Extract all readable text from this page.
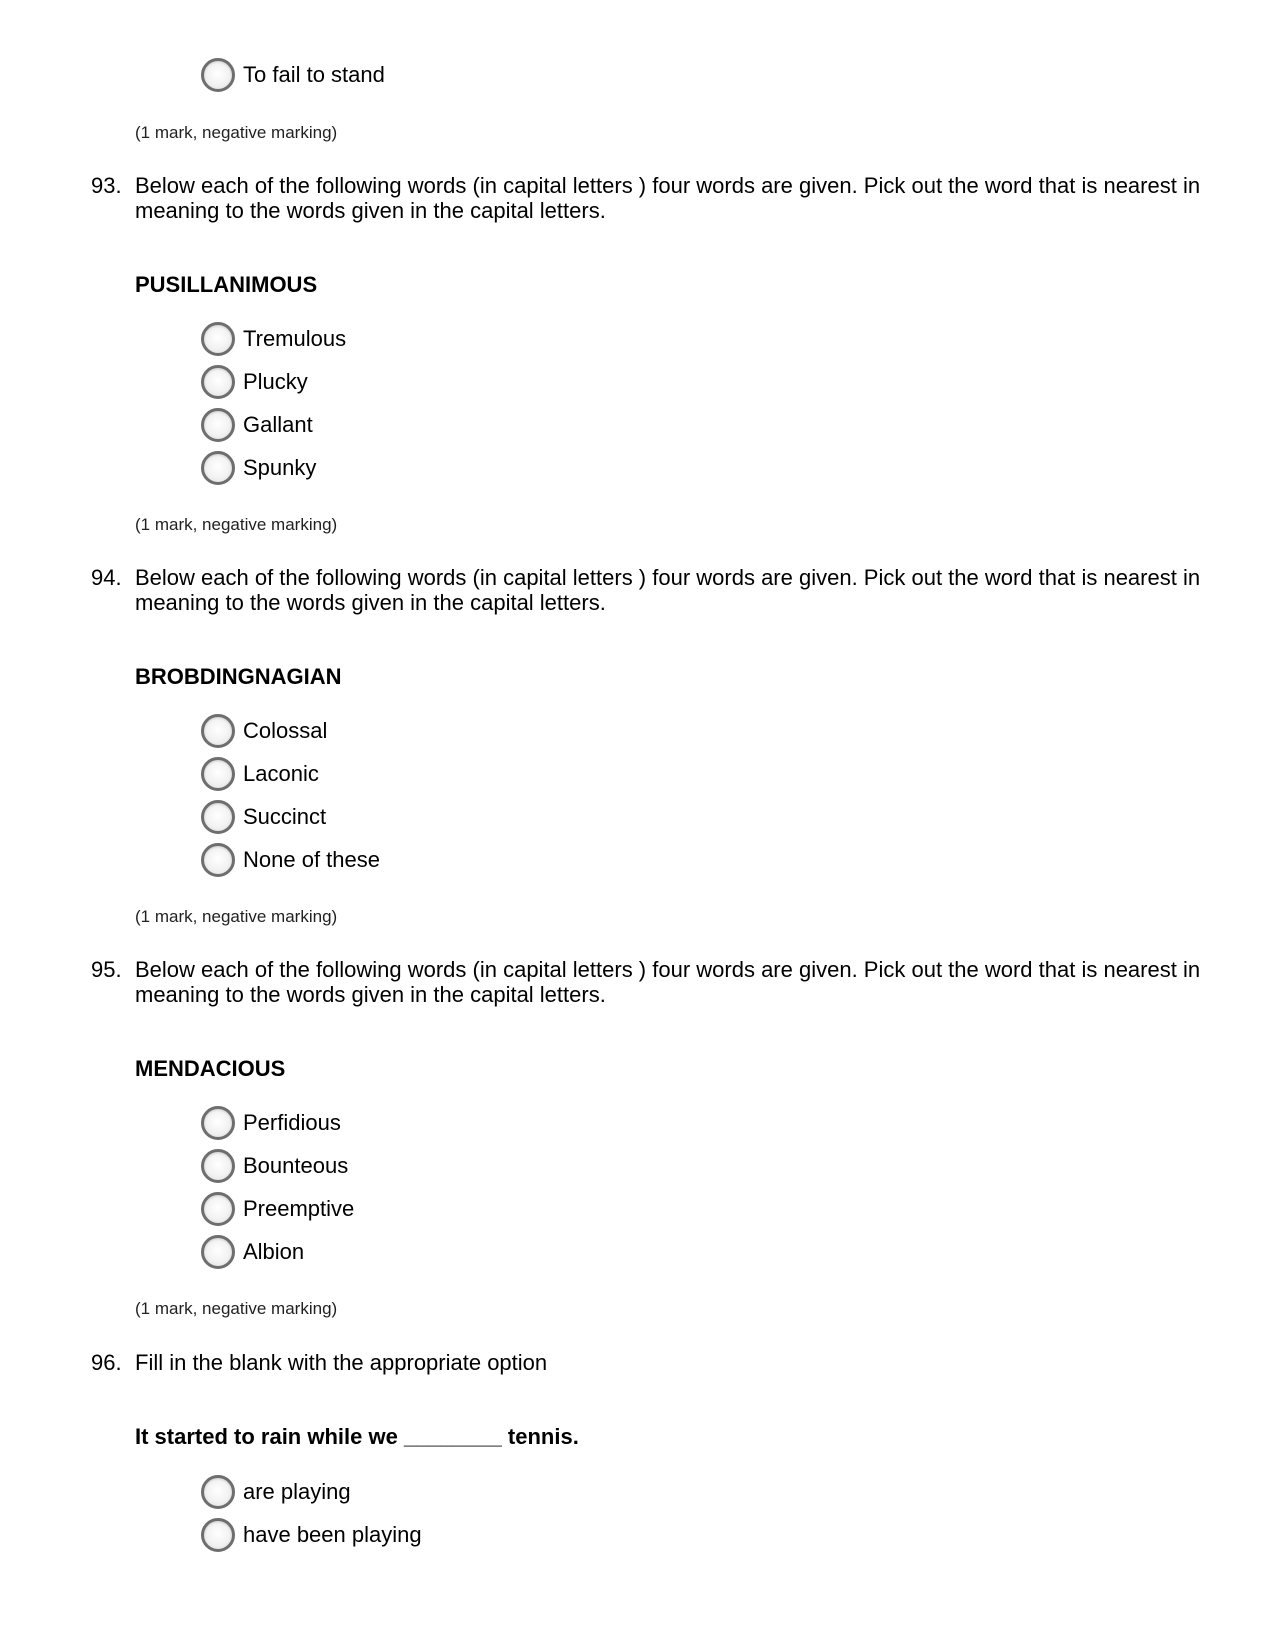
To fail to stand
(1 mark, negative marking)
93. Below each of the following words (in capital letters ) four words are given. Pick out the word that is nearest in meaning to the words given in the capital letters.
PUSILLANIMOUS
Tremulous
Plucky
Gallant
Spunky
(1 mark, negative marking)
94. Below each of the following words (in capital letters ) four words are given. Pick out the word that is nearest in meaning to the words given in the capital letters.
BROBDINGNAGIAN
Colossal
Laconic
Succinct
None of these
(1 mark, negative marking)
95. Below each of the following words (in capital letters ) four words are given. Pick out the word that is nearest in meaning to the words given in the capital letters.
MENDACIOUS
Perfidious
Bounteous
Preemptive
Albion
(1 mark, negative marking)
96. Fill in the blank with the appropriate option
It started to rain while we ________ tennis.
are playing
have been playing
